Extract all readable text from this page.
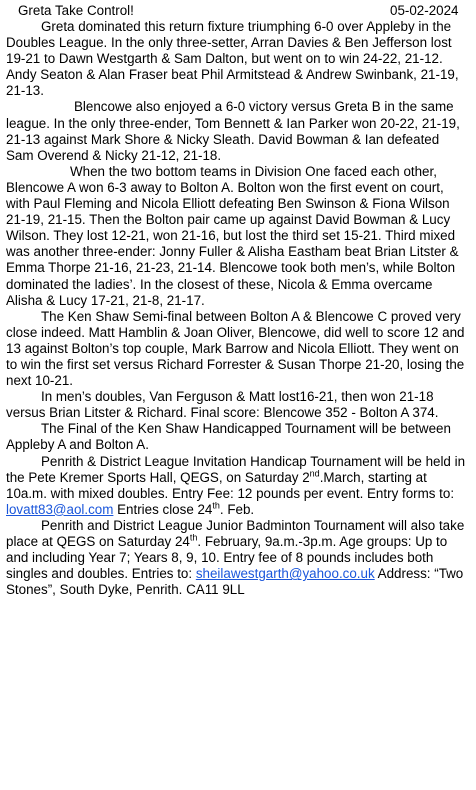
Greta Take Control!	05-02-2024

Greta dominated this return fixture triumphing 6-0 over Appleby in the Doubles League. In the only three-setter, Arran Davies & Ben Jefferson lost 19-21 to Dawn Westgarth & Sam Dalton, but went on to win 24-22, 21-12. Andy Seaton & Alan Fraser beat Phil Armitstead & Andrew Swinbank, 21-19, 21-13.

Blencowe also enjoyed a 6-0 victory versus Greta B in the same league. In the only three-ender, Tom Bennett & Ian Parker won 20-22, 21-19, 21-13 against Mark Shore & Nicky Sleath. David Bowman & Ian defeated Sam Overend & Nicky 21-12, 21-18.

When the two bottom teams in Division One faced each other, Blencowe A won 6-3 away to Bolton A. Bolton won the first event on court, with Paul Fleming and Nicola Elliott defeating Ben Swinson & Fiona Wilson 21-19, 21-15. Then the Bolton pair came up against David Bowman & Lucy Wilson. They lost 12-21, won 21-16, but lost the third set 15-21. Third mixed was another three-ender: Jonny Fuller & Alisha Eastham beat Brian Litster & Emma Thorpe 21-16, 21-23, 21-14. Blencowe took both men’s, while Bolton dominated the ladies’. In the closest of these, Nicola & Emma overcame Alisha & Lucy 17-21, 21-8, 21-17.

The Ken Shaw Semi-final between Bolton A & Blencowe C proved very close indeed. Matt Hamblin & Joan Oliver, Blencowe, did well to score 12 and 13 against Bolton’s top couple, Mark Barrow and Nicola Elliott. They went on to win the first set versus Richard Forrester & Susan Thorpe 21-20, losing the next 10-21.

In men’s doubles, Van Ferguson & Matt lost16-21, then won 21-18 versus Brian Litster & Richard. Final score: Blencowe 352 - Bolton A 374.

The Final of the Ken Shaw Handicapped Tournament will be between Appleby A and Bolton A.

Penrith & District League Invitation Handicap Tournament will be held in the Pete Kremer Sports Hall, QEGS, on Saturday 2nd.March, starting at 10a.m. with mixed doubles. Entry Fee: 12 pounds per event. Entry forms to: lovatt83@aol.com Entries close 24th. Feb.

Penrith and District League Junior Badminton Tournament will also take place at QEGS on Saturday 24th. February, 9a.m.-3p.m. Age groups: Up to and including Year 7; Years 8, 9, 10. Entry fee of 8 pounds includes both singles and doubles. Entries to: sheilawestgarth@yahoo.co.uk Address: “Two Stones”, South Dyke, Penrith. CA11 9LL
